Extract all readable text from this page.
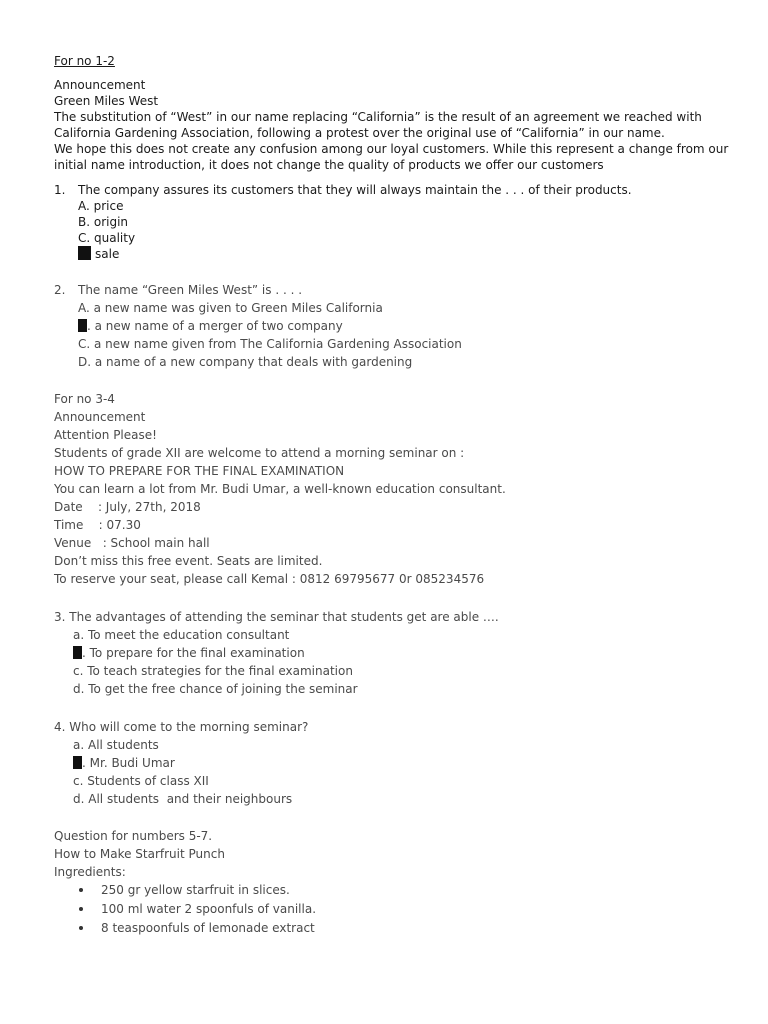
For no 1-2
Announcement
Green Miles West
The substitution of “West” in our name replacing “California” is the result of an agreement we reached with
California Gardening Association, following a protest over the original use of “California” in our name.
We hope this does not create any confusion among our loyal customers. While this represent a change from our
initial name introduction, it does not change the quality of products we offer our customers
1. The company assures its customers that they will always maintain the . . . of their products.
A. price
B. origin
C. quality
sale
2. The name “Green Miles West” is . . . .
A. a new name was given to Green Miles California
. a new name of a merger of two company
C. a new name given from The California Gardening Association
D. a name of a new company that deals with gardening
For no 3-4
Announcement
Attention Please!
Students of grade XII are welcome to attend a morning seminar on :
HOW TO PREPARE FOR THE FINAL EXAMINATION
You can learn a lot from Mr. Budi Umar, a well-known education consultant.
Date    : July, 27th, 2018
Time    : 07.30
Venue   : School main hall
Don’t miss this free event. Seats are limited.
To reserve your seat, please call Kemal : 0812 69795677 0r 085234576
3. The advantages of attending the seminar that students get are able ….
a. To meet the education consultant
. To prepare for the final examination
c. To teach strategies for the final examination
d. To get the free chance of joining the seminar
4. Who will come to the morning seminar?
a. All students
. Mr. Budi Umar
c. Students of class XII
d. All students  and their neighbours
Question for numbers 5-7.
How to Make Starfruit Punch
Ingredients:
250 gr yellow starfruit in slices.
100 ml water 2 spoonfuls of vanilla.
8 teaspoonfuls of lemonade extract
